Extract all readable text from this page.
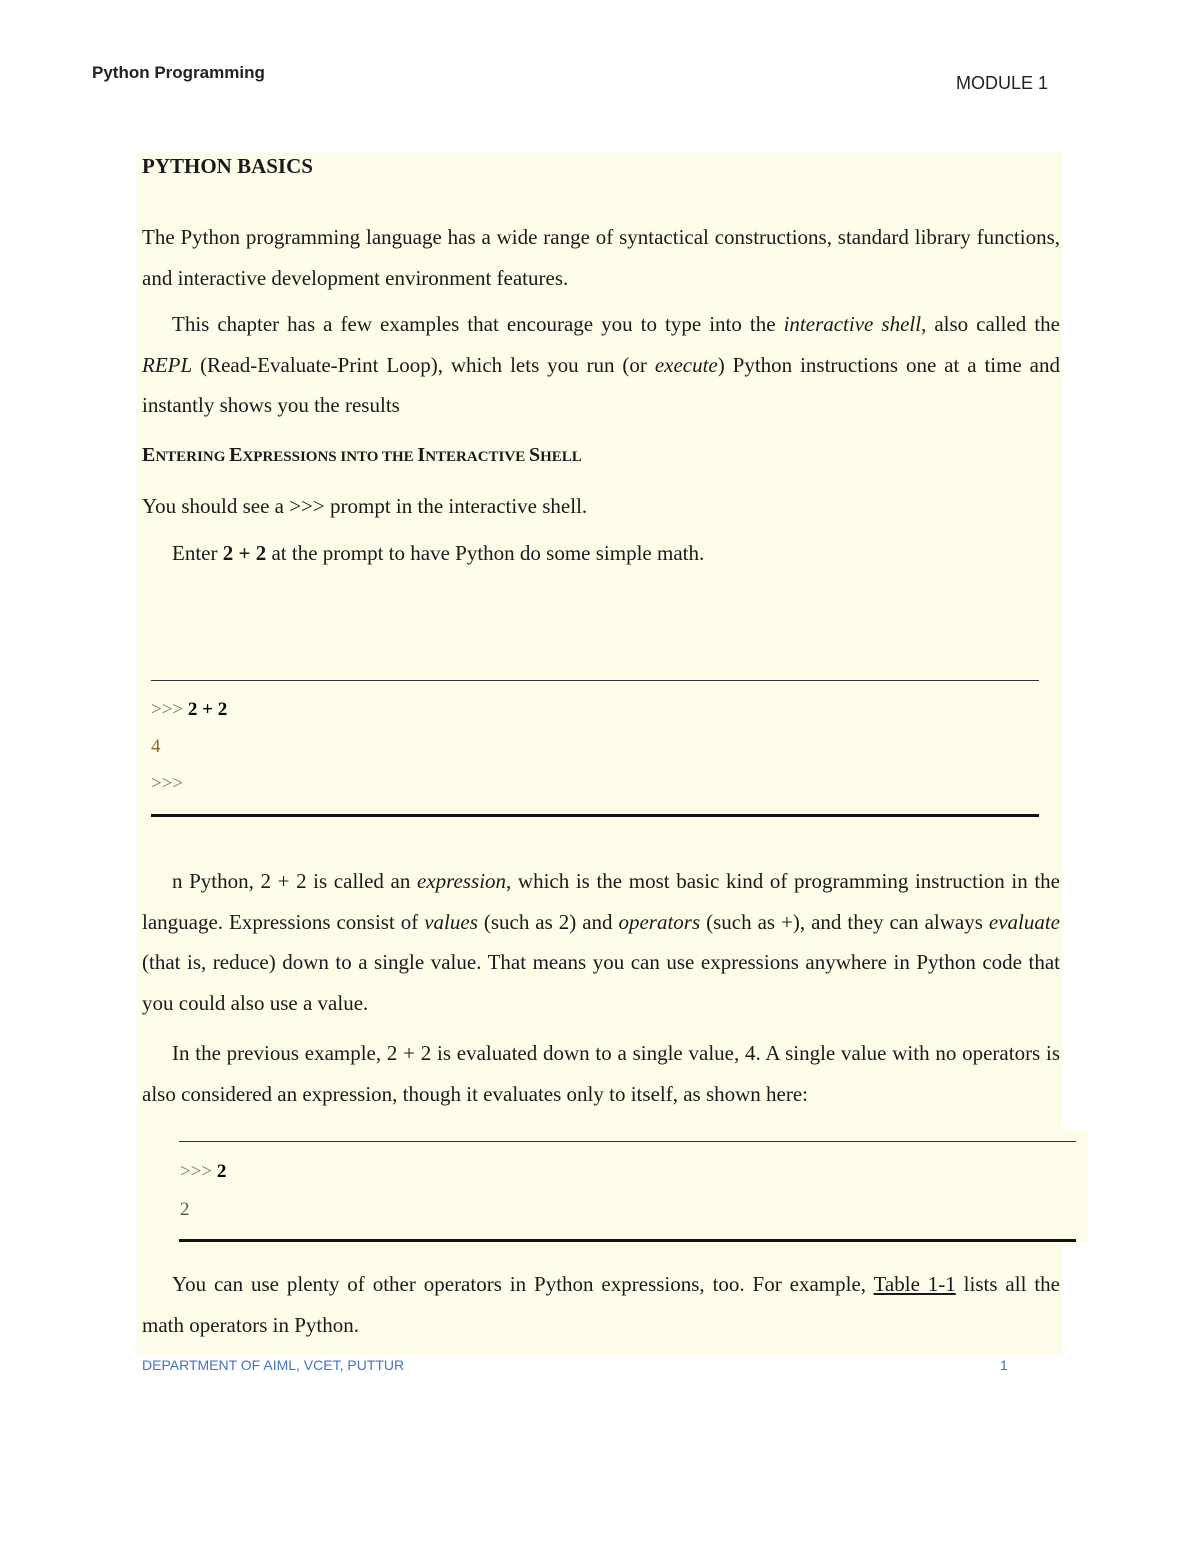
Python Programming
MODULE 1
PYTHON BASICS
The Python programming language has a wide range of syntactical constructions, standard library functions, and interactive development environment features.
This chapter has a few examples that encourage you to type into the interactive shell, also called the REPL (Read-Evaluate-Print Loop), which lets you run (or execute) Python instructions one at a time and instantly shows you the results
ENTERING EXPRESSIONS INTO THE INTERACTIVE SHELL
You should see a >>> prompt in the interactive shell.
Enter 2 + 2 at the prompt to have Python do some simple math.
>>> 2 + 2
4
>>>
n Python, 2 + 2 is called an expression, which is the most basic kind of programming instruction in the language. Expressions consist of values (such as 2) and operators (such as +), and they can always evaluate (that is, reduce) down to a single value. That means you can use expressions anywhere in Python code that you could also use a value.
In the previous example, 2 + 2 is evaluated down to a single value, 4. A single value with no operators is also considered an expression, though it evaluates only to itself, as shown here:
>>> 2
2
You can use plenty of other operators in Python expressions, too. For example, Table 1-1 lists all the math operators in Python.
DEPARTMENT OF AIML, VCET, PUTTUR	1
